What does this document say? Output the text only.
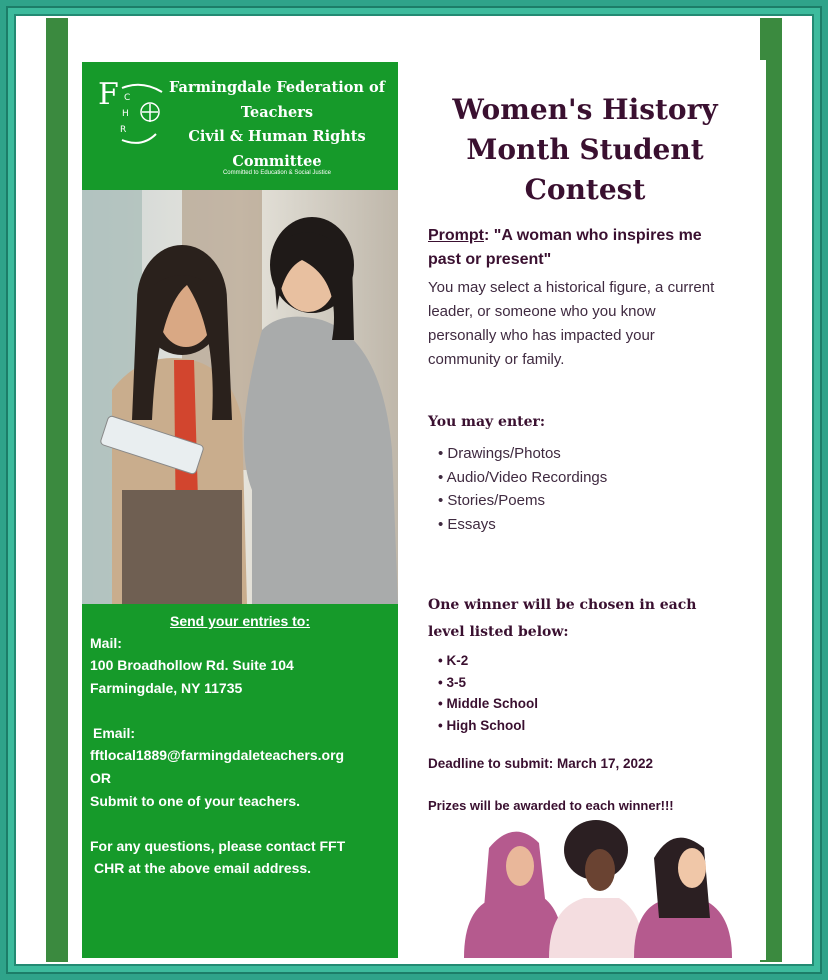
F C
H
R
Farmingdale Federation of
Teachers
Civil & Human Rights
Committee
Committed to Education & Social Justice
Send your entries to:
Mail:
100 Broadhollow Rd. Suite 104
Farmingdale, NY 11735
Email:
fftlocal1889@farmingdaleteachers.org
OR
Submit to one of your teachers.
For any questions, please contact FFT
CHR at the above email address.
Women's History
Month Student
Contest
Prompt: "A woman who inspires me past or present"
You may select a historical figure, a current leader, or someone who you know personally who has impacted your community or family.
You may enter:
• Drawings/Photos
• Audio/Video Recordings
• Stories/Poems
• Essays
One winner will be chosen in each level listed below:
• K-2
• 3-5
• Middle School
• High School
Deadline to submit: March 17, 2022
Prizes will be awarded to each winner!!!
